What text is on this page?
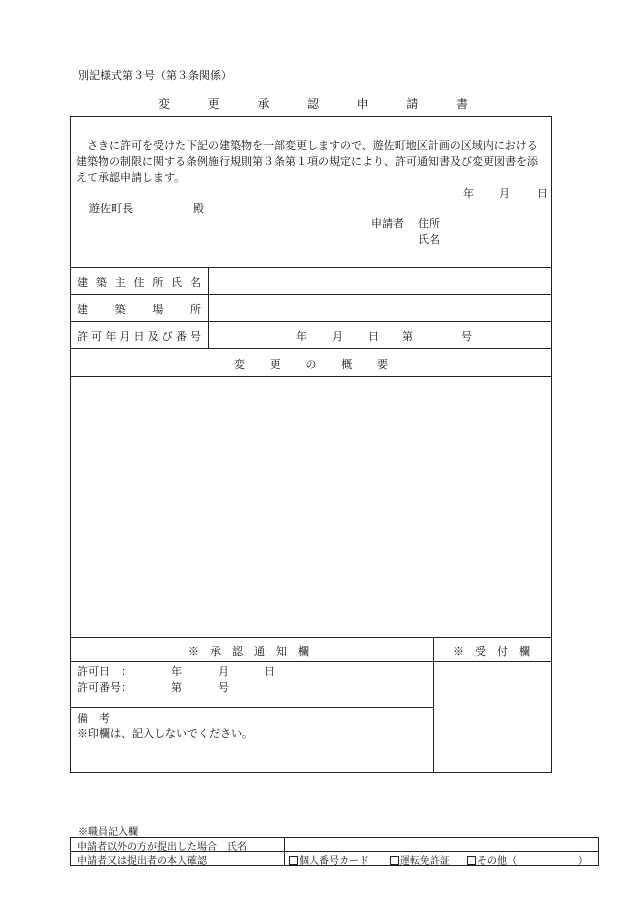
別記様式第３号（第３条関係）
変	更	承	認	申	請	書
さきに許可を受けた下記の建築物を一部変更しますので、遊佐町地区計画の区域内における建築物の制限に関する条例施行規則第３条第１項の規定により、許可通知書及び変更図書を添えて承認申請します。
年 月 日
遊佐町長	殿
申請者 住所
氏名
建 築 主 住 所 氏 名
建 築 場 所
許 可 年 月 日 及 び 番 号	年 月 日 第	号
変 更 の 概 要
※　承　認　通　知　欄	※　受　付　欄
許可日　：	年	月	日
許可番号：	第	号
備　考
※印欄は、記入しないでください。
※職員記入欄
申請者以外の方が提出した場合　氏名
申請者又は提出者の本人確認	個人番号カード	運転免許証	その他（	）
